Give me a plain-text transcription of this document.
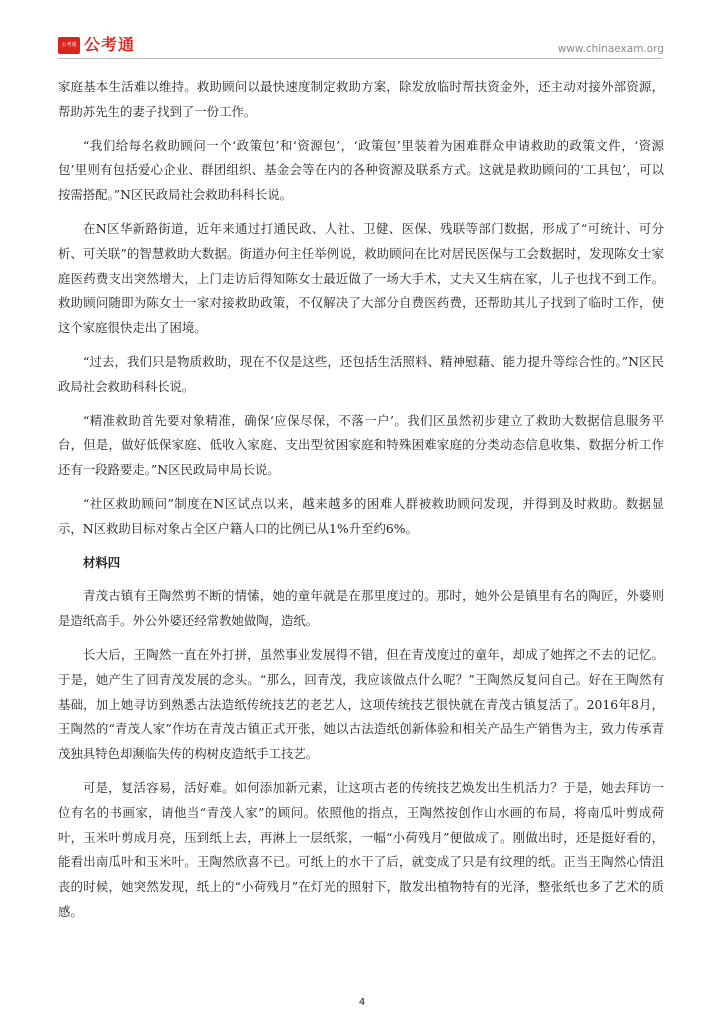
公考通 公考通	www.chinaexam.org

家庭基本生活难以维持。救助顾问以最快速度制定救助方案，除发放临时帮扶资金外，还主动对接外部资源，帮助苏先生的妻子找到了一份工作。

“我们给每名救助顾问一个‘政策包’和‘资源包’，‘政策包’里装着为困难群众申请救助的政策文件，‘资源包’里则有包括爱心企业、群团组织、基金会等在内的各种资源及联系方式。这就是救助顾问的‘工具包’，可以按需搭配。”N区民政局社会救助科科长说。

在N区华新路街道，近年来通过打通民政、人社、卫健、医保、残联等部门数据，形成了“可统计、可分析、可关联”的智慧救助大数据。街道办何主任举例说，救助顾问在比对居民医保与工会数据时，发现陈女士家庭医药费支出突然增大，上门走访后得知陈女士最近做了一场大手术，丈夫又生病在家，儿子也找不到工作。救助顾问随即为陈女士一家对接救助政策，不仅解决了大部分自费医药费，还帮助其儿子找到了临时工作，使这个家庭很快走出了困境。

“过去，我们只是物质救助，现在不仅是这些，还包括生活照料、精神慰藉、能力提升等综合性的。”N区民政局社会救助科科长说。

“精准救助首先要对象精准，确保‘应保尽保，不落一户’。我们区虽然初步建立了救助大数据信息服务平台，但是，做好低保家庭、低收入家庭、支出型贫困家庭和特殊困难家庭的分类动态信息收集、数据分析工作还有一段路要走。”N区民政局申局长说。

“社区救助顾问”制度在N区试点以来，越来越多的困难人群被救助顾问发现，并得到及时救助。数据显示，N区救助目标对象占全区户籍人口的比例已从1%升至约6%。

材料四

青茂古镇有王陶然剪不断的情愫，她的童年就是在那里度过的。那时，她外公是镇里有名的陶匠，外婆则是造纸高手。外公外婆还经常教她做陶，造纸。

长大后，王陶然一直在外打拼，虽然事业发展得不错，但在青茂度过的童年，却成了她挥之不去的记忆。于是，她产生了回青茂发展的念头。“那么，回青茂，我应该做点什么呢？”王陶然反复问自己。好在王陶然有基础，加上她寻访到熟悉古法造纸传统技艺的老艺人，这项传统技艺很快就在青茂古镇复活了。2016年8月，王陶然的“青茂人家”作坊在青茂古镇正式开张，她以古法造纸创新体验和相关产品生产销售为主，致力传承青茂独具特色却濒临失传的构树皮造纸手工技艺。

可是，复活容易，活好难。如何添加新元素，让这项古老的传统技艺焕发出生机活力？于是，她去拜访一位有名的书画家，请他当“青茂人家”的顾问。依照他的指点，王陶然按创作山水画的布局，将南瓜叶剪成荷叶，玉米叶剪成月亮，压到纸上去，再淋上一层纸浆，一幅“小荷残月”便做成了。刚做出时，还是挺好看的，能看出南瓜叶和玉米叶。王陶然欣喜不已。可纸上的水干了后，就变成了只是有纹理的纸。正当王陶然心情沮丧的时候，她突然发现，纸上的“小荷残月”在灯光的照射下，散发出植物特有的光泽，整张纸也多了艺术的质感。

4
